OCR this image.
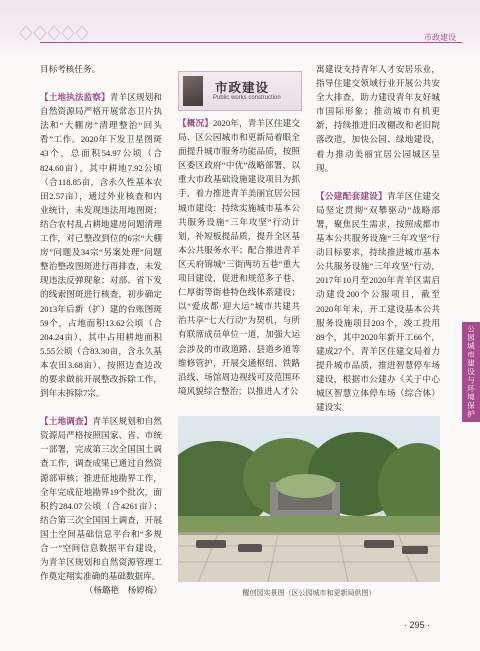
市政建设

目标考核任务。

【土地执法监察】青羊区规划和自然资源局严格开展常态卫片执法和“大棚房”清理整治“回头看”工作。2020年下发卫星图斑43个，总面积54.97公顷（合824.60亩），其中耕地7.92公顷（合118.85亩，含永久性基本农田2.57亩），通过外业核查和内业统计，未发现违法用地图斑；结合农村乱占耕地建房问题清理工作，对已整改到位的6宗“大棚房”问题及34宗“另案处理”问题整治整改图斑进行再排查，未发现违法反弹现象；对部、省下发的线索图斑进行核查，初步确定2013年后新（扩）建的台账图斑59个，占地面积13.62公顷（合204.24亩），其中占用耕地面积5.55公顷（合83.30亩，含永久基本农田3.68亩），按照边查边改的要求做前开展整改拆除工作，到年末拆除7宗。

【土地调查】青羊区规划和自然资源局严格按照国家、省、市统一部署，完成第三次全国国土调查工作，调查成果已通过自然资源部审核；推进征地勘界工作，全年完成征地勘界19个批次，面积约284.07公顷（合4261亩）；结合第三次全国国土调查，开展国土空间基础信息平台和“多规合一”空间信息数据平台建设，为青羊区规划和自然资源管理工作奠定翔实准确的基础数据库。

（杨璐艳　杨婷梅）

市政建设
Public works construction

【概况】2020年，青羊区住建交局、区公园城市和更新局着眼全面提升城市服务功能品质，按照区委区政府“中优”战略部署，以重大市政基础设施建设项目为抓手，着力推进青羊美丽宜居公园城市建设：持续实施城市基本公共服务设施“三年攻坚”行动计划，补短板提品质，提升全区基本公共服务水平；配合推进青羊区天府锦城“三街两坊五巷”重大项目建设，促进和规范多子巷、仁厚街等街巷特色线体系建设；以“爱成都·迎大运”城市共建共治共享“七大行动”为契机，与所有联席成员单位一道，加强大运会涉及的市政道路、县道乡道等维修管护，开展交通枢纽、铁路沿线、场馆周边视线可及范围环境风貌综合整治；以推进人才公

寓建设支持青年人才安居乐业，指导住建交领域行业开展公共安全大排查，助力建设青年友好城市国际形象；推动城市有机更新，持续推进旧改棚改和老旧院落改造，加快公园、绿地建设，着力推动美丽宜居公园城区呈现。

【公建配套建设】青羊区住建交局坚定贯彻“双攀驱动”战略部署，聚焦民生需求，按照成都市基本公共服务设施“三年攻坚”行动目标要求，持续推进城市基本公共服务设施“三年攻坚”行动，2017年10月至2020年青羊区需启动建设200个公服项目，截至2020年年末，开工建设基本公共服务设施项目203个，竣工投用89个，其中2020年新开工66个，建成27个。青羊区住建交局着力提升城市品质，推进智慧停车场建设，根据市公建办《关于中心城区智慧立体停车场（综合体）建设实	公园城市建设与环境保护
醒创园实景图（区公园城市和更新局供图）
· 295 ·
